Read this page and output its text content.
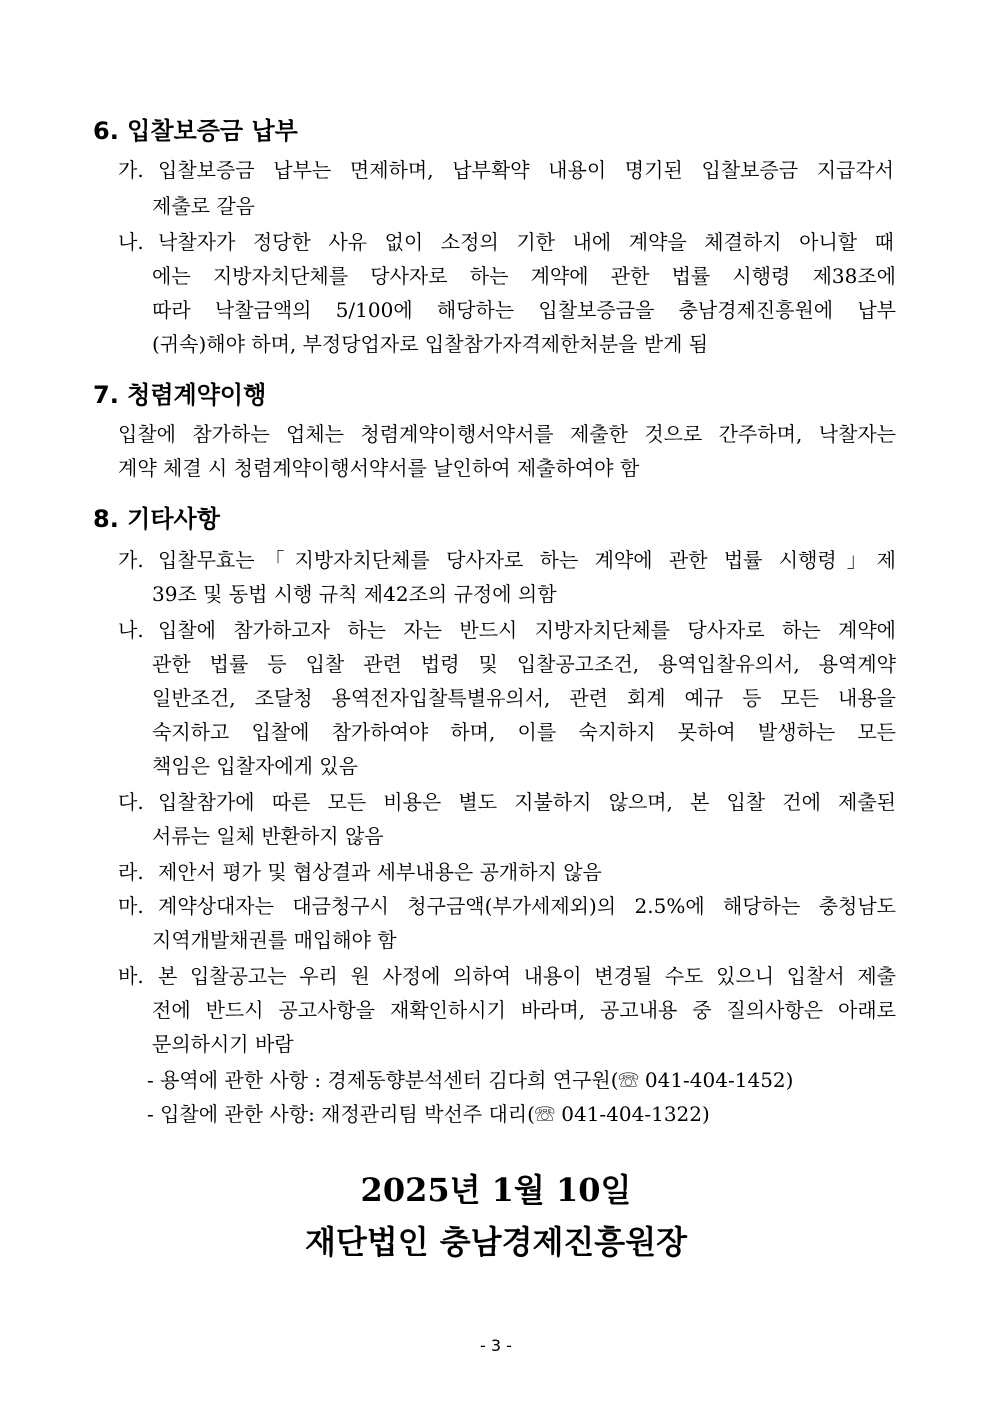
6. 입찰보증금 납부
가. 입찰보증금 납부는 면제하며, 납부확약 내용이 명기된 입찰보증금 지급각서
제출로 갈음
나. 낙찰자가 정당한 사유 없이 소정의 기한 내에 계약을 체결하지 아니할 때
에는 지방자치단체를 당사자로 하는 계약에 관한 법률 시행령 제38조에
따라 낙찰금액의 5/100에 해당하는 입찰보증금을 충남경제진흥원에 납부
(귀속)해야 하며, 부정당업자로 입찰참가자격제한처분을 받게 됨
7. 청렴계약이행
입찰에 참가하는 업체는 청렴계약이행서약서를 제출한 것으로 간주하며, 낙찰자는
계약 체결 시 청렴계약이행서약서를 날인하여 제출하여야 함
8. 기타사항
가. 입찰무효는「지방자치단체를 당사자로 하는 계약에 관한 법률 시행령」제
39조 및 동법 시행 규칙 제42조의 규정에 의함
나. 입찰에 참가하고자 하는 자는 반드시 지방자치단체를 당사자로 하는 계약에
관한 법률 등 입찰 관련 법령 및 입찰공고조건, 용역입찰유의서, 용역계약
일반조건, 조달청 용역전자입찰특별유의서, 관련 회계 예규 등 모든 내용을
숙지하고 입찰에 참가하여야 하며, 이를 숙지하지 못하여 발생하는 모든
책임은 입찰자에게 있음
다. 입찰참가에 따른 모든 비용은 별도 지불하지 않으며, 본 입찰 건에 제출된
서류는 일체 반환하지 않음
라. 제안서 평가 및 협상결과 세부내용은 공개하지 않음
마. 계약상대자는 대금청구시 청구금액(부가세제외)의 2.5%에 해당하는 충청남도
지역개발채권를 매입해야 함
바. 본 입찰공고는 우리 원 사정에 의하여 내용이 변경될 수도 있으니 입찰서 제출
전에 반드시 공고사항을 재확인하시기 바라며, 공고내용 중 질의사항은 아래로
문의하시기 바람
- 용역에 관한 사항 : 경제동향분석센터 김다희 연구원(☏ 041-404-1452)
- 입찰에 관한 사항: 재정관리팀 박선주 대리(☏ 041-404-1322)
2025년 1월 10일
재단법인 충남경제진흥원장
- 3 -
